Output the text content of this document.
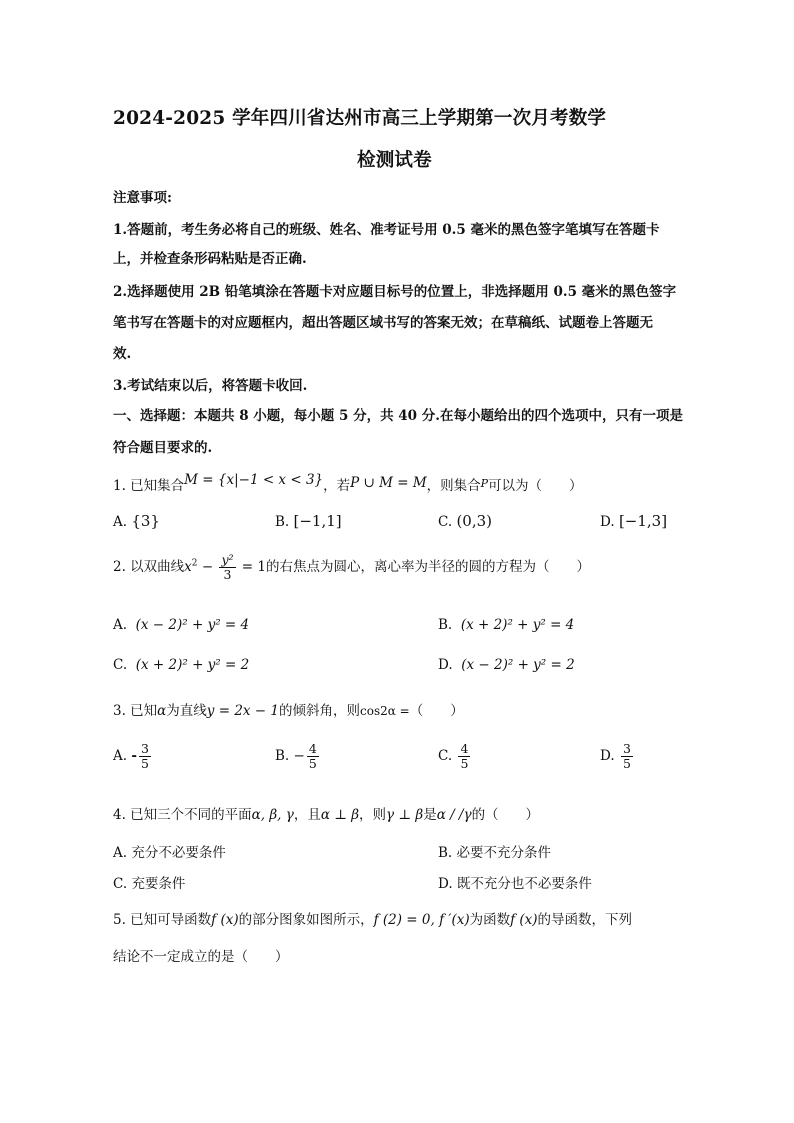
2024-2025 学年四川省达州市高三上学期第一次月考数学
检测试卷
注意事项:
1.答题前，考生务必将自己的班级、姓名、准考证号用 0.5 毫米的黑色签字笔填写在答题卡
上，并检查条形码粘贴是否正确.
2.选择题使用 2B 铅笔填涂在答题卡对应题目标号的位置上，非选择题用 0.5 毫米的黑色签字
笔书写在答题卡的对应题框内，超出答题区域书写的答案无效；在草稿纸、试题卷上答题无
效.
3.考试结束以后，将答题卡收回.
一、选择题：本题共 8 小题，每小题 5 分，共 40 分.在每小题给出的四个选项中，只有一项是
符合题目要求的.
1. 已知集合M = {x|−1 < x < 3}，若P ∪ M = M，则集合$^P$可以为（　　）
A. {3}	B. [−1,1]	C. (0,3)	D. [−1,3]
2. 以双曲线$x^2 - \frac{\text{y²}}{3} = 1$的右焦点为圆心，离心率为半径的圆的方程为（　　）
A. (x − 2)² + y² = 4	B. (x + 2)² + y² = 4
C. (x + 2)² + y² = 2	D. (x − 2)² + y² = 2
3. 已知α为直线y = 2x − 1的倾斜角，则cos2α =（　　）
A. - $\frac{3}{5}$	B. − $\frac{4}{5}$	C. $\frac{4}{5}$	D. $\frac{3}{5}$
4. 已知三个不同的平面α, β, γ，且α ⊥ β，则γ ⊥ β是α / /γ的（　　）
A. 充分不必要条件	B. 必要不充分条件
C. 充要条件	D. 既不充分也不必要条件
5. 已知可导函数f (x)的部分图象如图所示，f (2) = 0, f ′(x)为函数f (x)的导函数，下列
结论不一定成立的是（　　）
